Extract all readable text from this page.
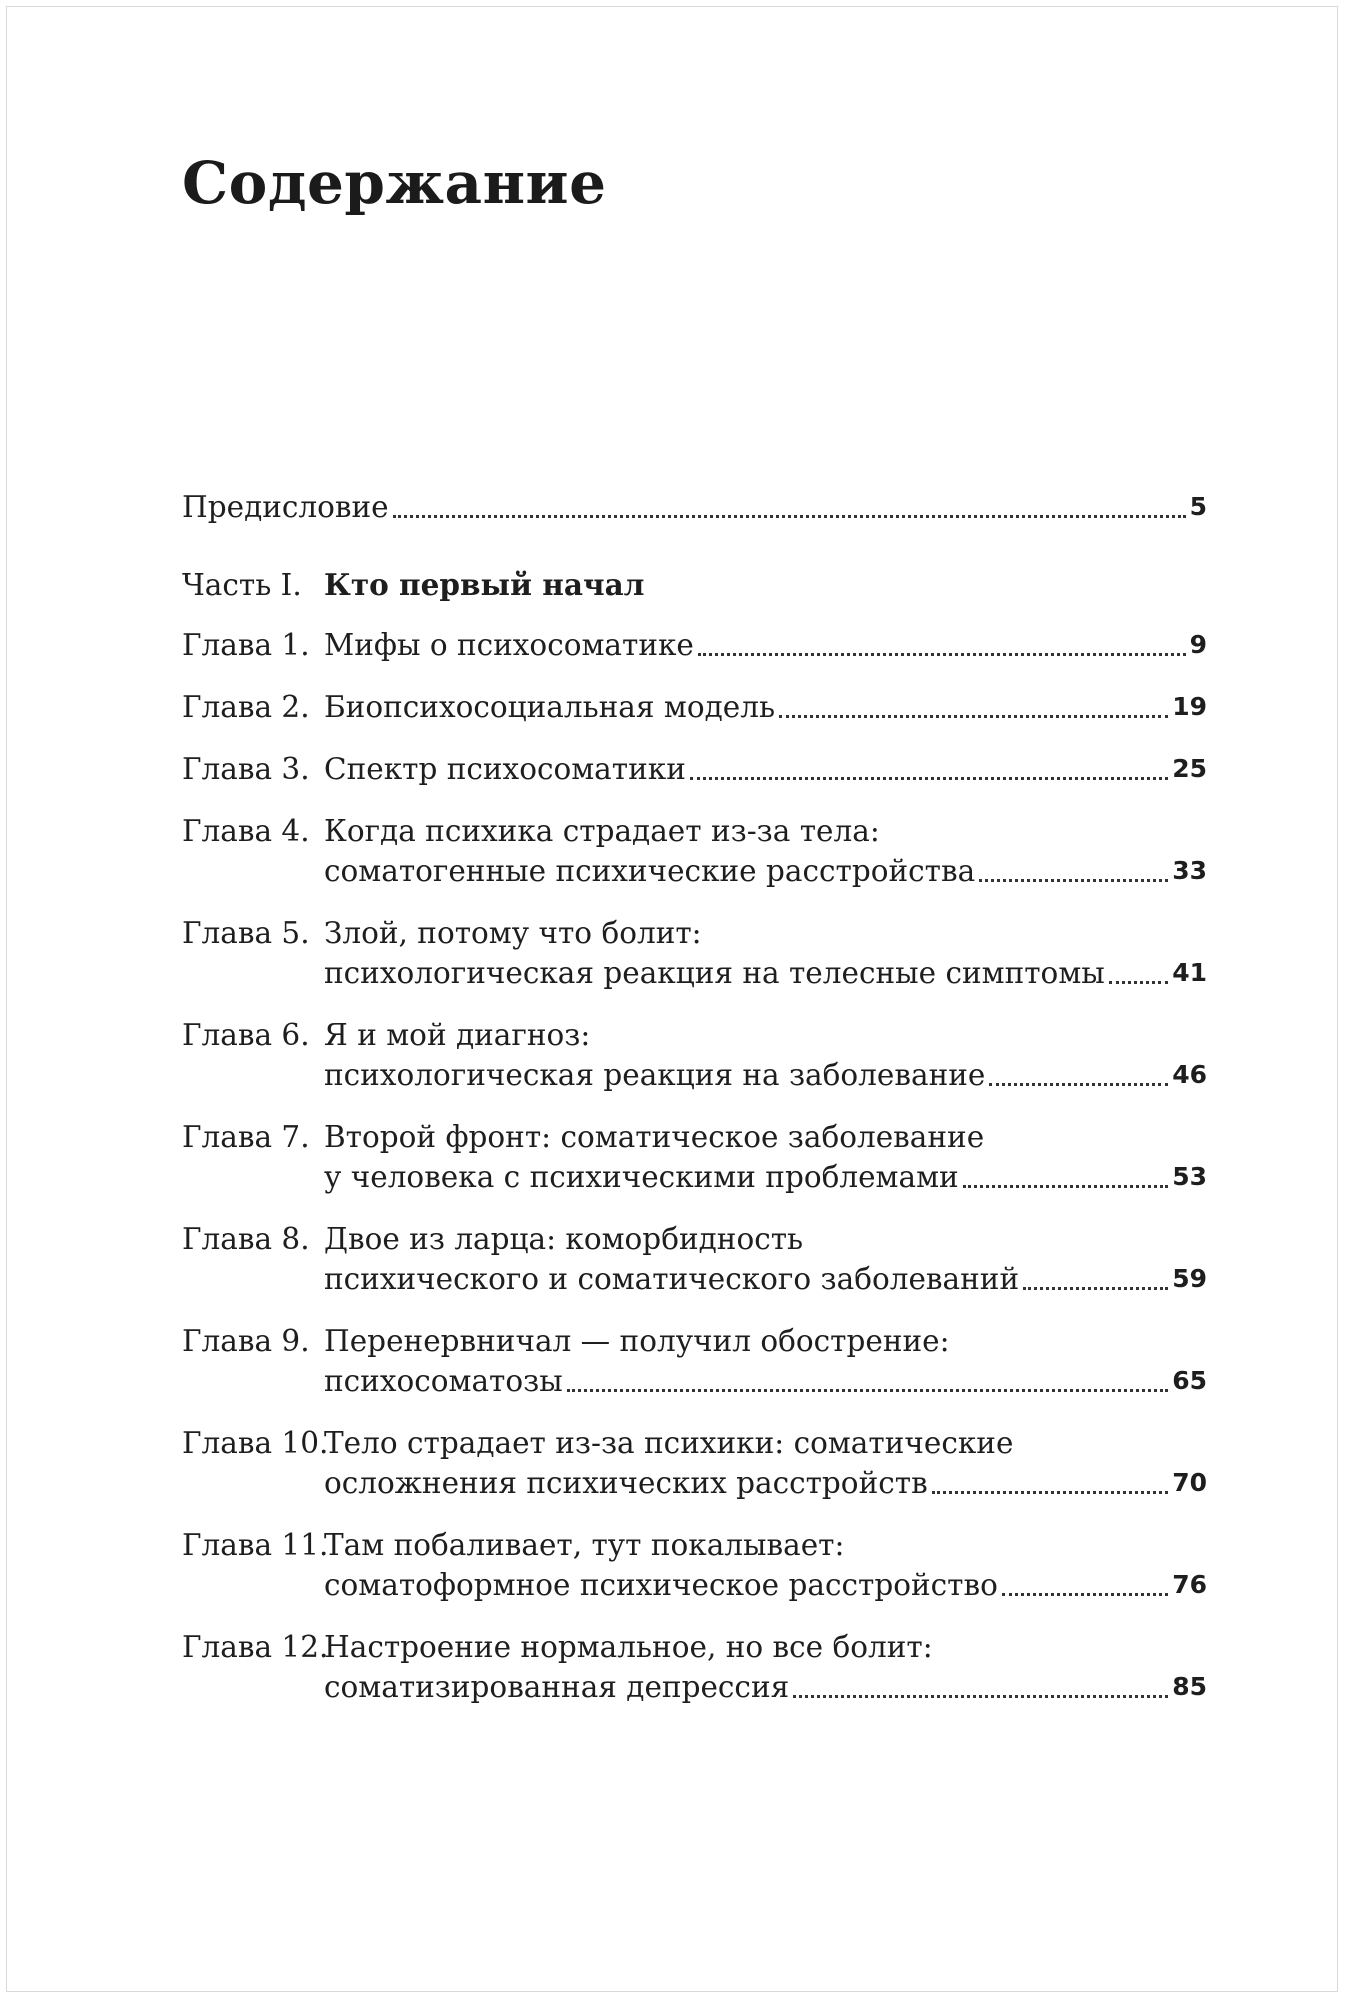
Содержание
Предисловие	5
Часть I. Кто первый начал
Глава 1. Мифы о психосоматике	9
Глава 2. Биопсихосоциальная модель	19
Глава 3. Спектр психосоматики	25
Глава 4. Когда психика страдает из-за тела:
соматогенные психические расстройства	33
Глава 5. Злой, потому что болит:
психологическая реакция на телесные симптомы	41
Глава 6. Я и мой диагноз:
психологическая реакция на заболевание	46
Глава 7. Второй фронт: соматическое заболевание
у человека с психическими проблемами	53
Глава 8. Двое из ларца: коморбидность
психического и соматического заболеваний	59
Глава 9. Перенервничал — получил обострение:
психосоматозы	65
Глава 10.
Тело страдает из-за психики: соматические
осложнения психических расстройств	70
Глава 11.
Там побаливает, тут покалывает:
соматоформное психическое расстройство	76
Глава 12.
Настроение нормальное, но все болит:
соматизированная депрессия	85
